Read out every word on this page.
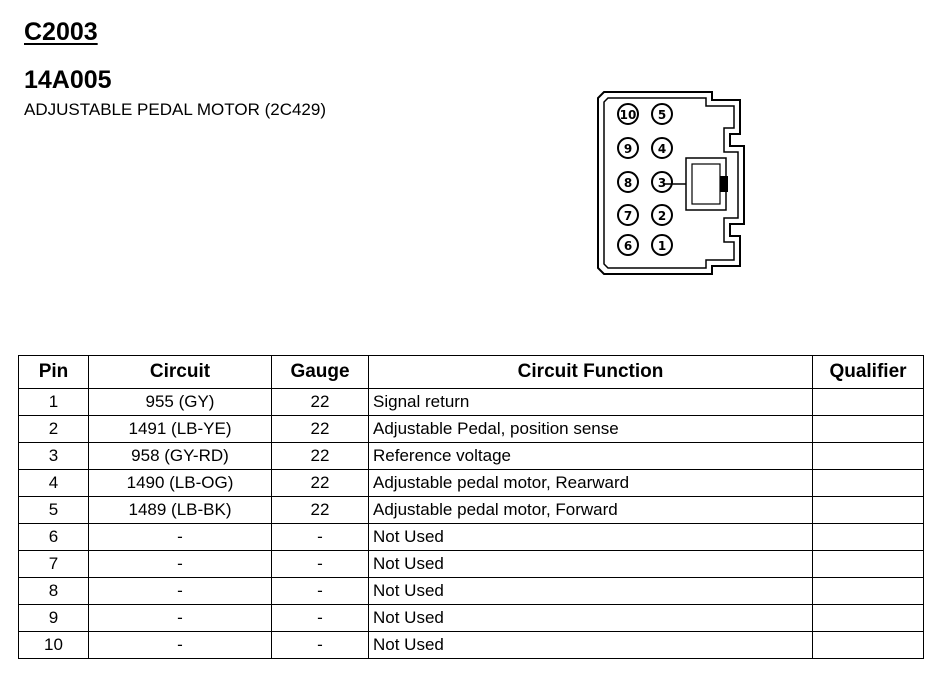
C2003
14A005
ADJUSTABLE PEDAL MOTOR (2C429)	10
9
8
7
6
5
4
3
2
1
Pin	Circuit	Gauge	Circuit Function	Qualifier
1	955 (GY)	22	Signal return	
2	1491 (LB-YE)	22	Adjustable Pedal, position sense	
3	958 (GY-RD)	22	Reference voltage	
4	1490 (LB-OG)	22	Adjustable pedal motor, Rearward	
5	1489 (LB-BK)	22	Adjustable pedal motor, Forward	
6	-	-	Not Used	
7	-	-	Not Used	
8	-	-	Not Used	
9	-	-	Not Used	
10	-	-	Not Used	
